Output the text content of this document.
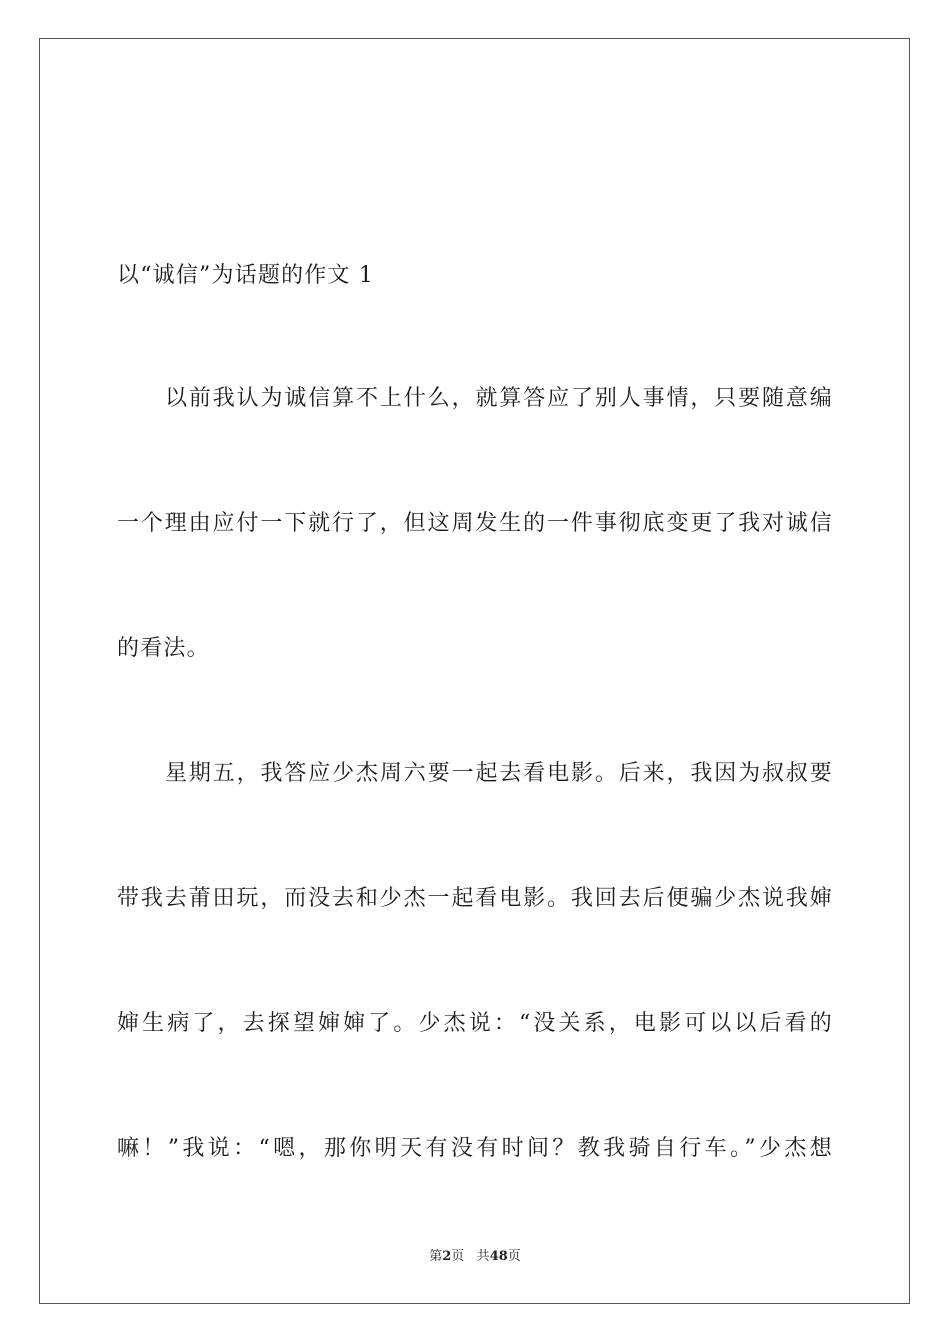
以“诚信”为话题的作文 1
以前我认为诚信算不上什么，就算答应了别人事情，只要随意编
一个理由应付一下就行了，但这周发生的一件事彻底变更了我对诚信
的看法。
星期五，我答应少杰周六要一起去看电影。后来，我因为叔叔要
带我去莆田玩，而没去和少杰一起看电影。我回去后便骗少杰说我婶
婶生病了，去探望婶婶了。少杰说：“没关系，电影可以以后看的
嘛！”我说：“嗯，那你明天有没有时间？教我骑自行车。”少杰想
第2页 共48页
